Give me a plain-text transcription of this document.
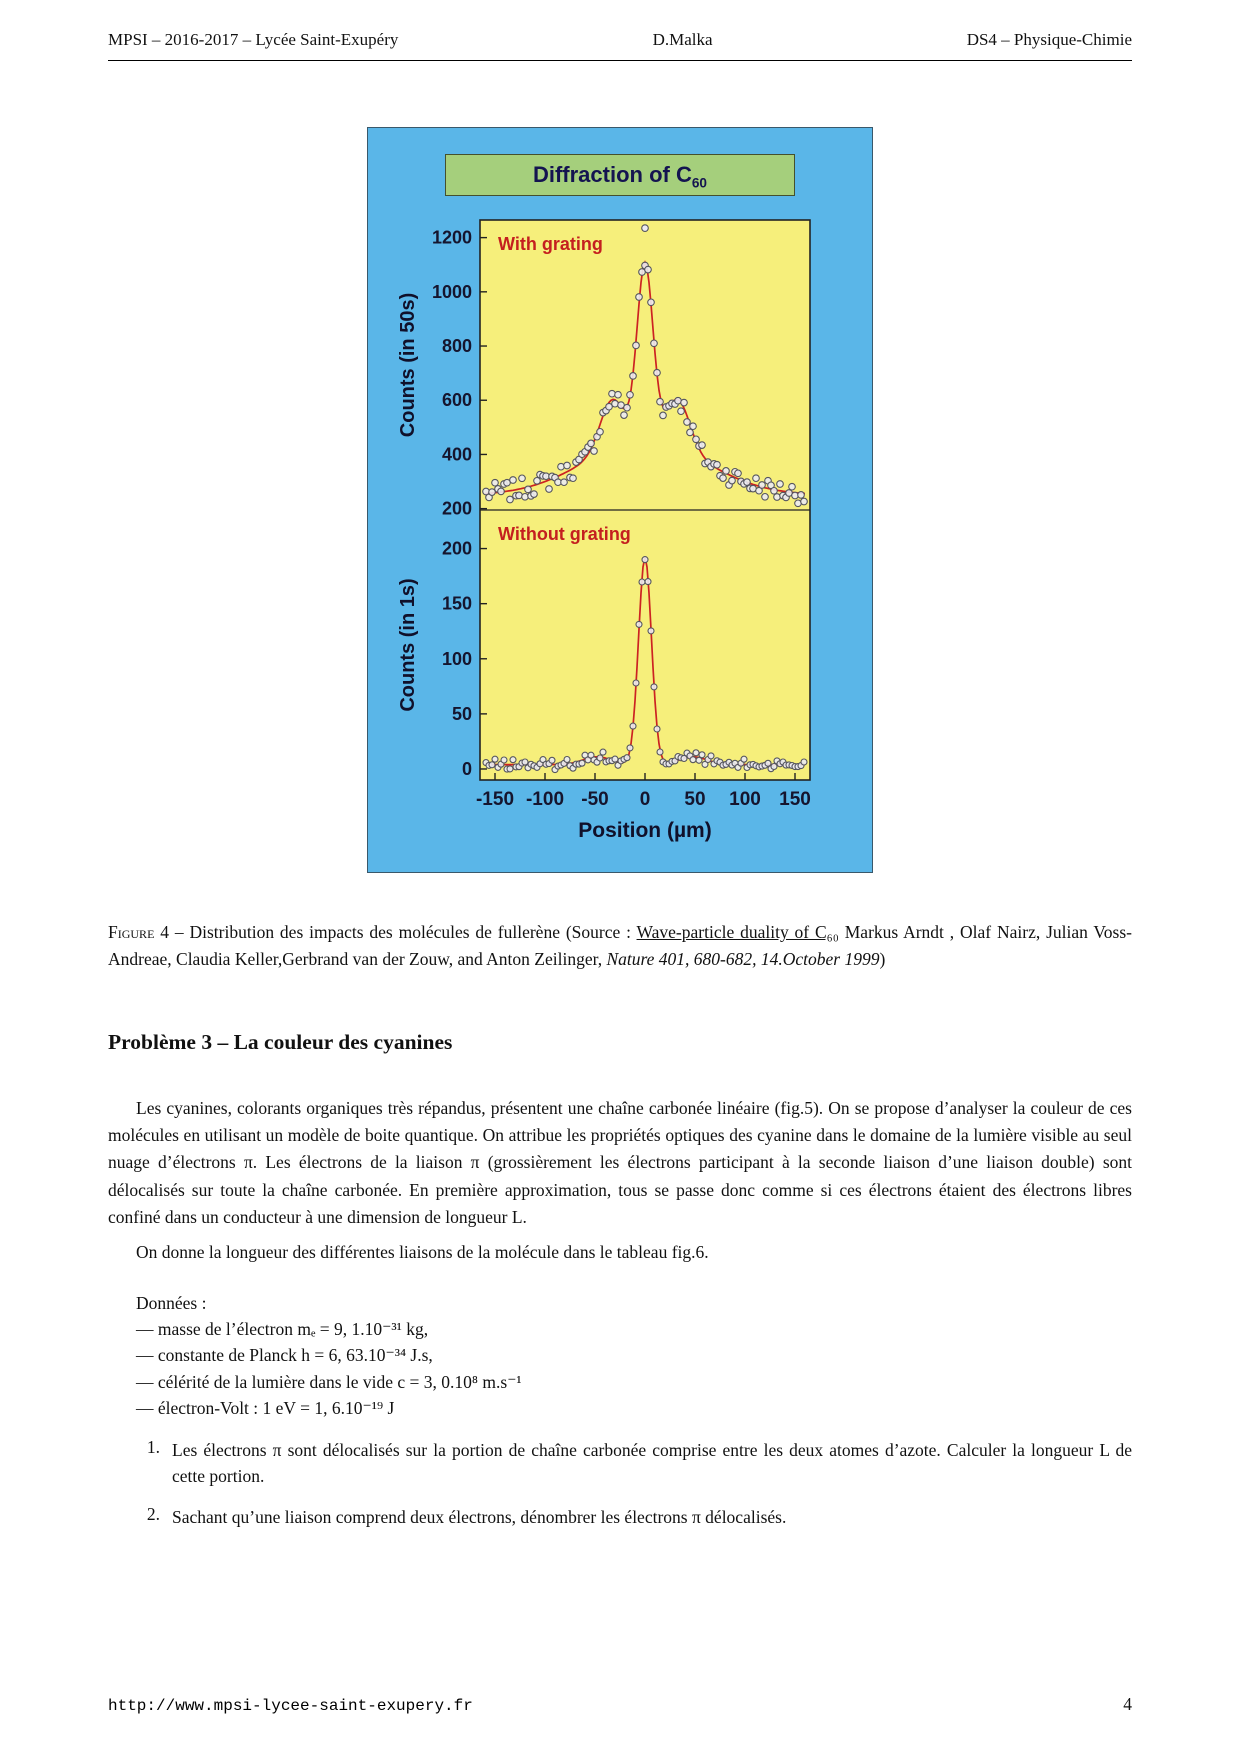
MPSI – 2016-2017 – Lycée Saint-Exupéry	D.Malka	DS4 – Physique-Chimie
Diffraction of $C_{60}$
200
400
600
800
1000
1200 With grating
Counts (in 50s)
0
50
100
150
200
Without grating
Counts (in 1s)
-150 -100 -50 0 50 100 150
Position (µm)
Figure 4 – Distribution des impacts des molécules de fullerène (Source : Wave-particle duality of C₆₀ Markus Arndt , Olaf Nairz, Julian Voss-Andreae, Claudia Keller,Gerbrand van der Zouw, and Anton Zeilinger, Nature 401, 680-682, 14.October 1999)
Problème 3 – La couleur des cyanines

Les cyanines, colorants organiques très répandus, présentent une chaîne carbonée linéaire (fig.5). On se propose d’analyser la couleur de ces molécules en utilisant un modèle de boite quantique. On attribue les propriétés optiques des cyanine dans le domaine de la lumière visible au seul nuage d’électrons π. Les électrons de la liaison π (grossièrement les électrons participant à la seconde liaison d’une liaison double) sont délocalisés sur toute la chaîne carbonée. En première approximation, tous se passe donc comme si ces électrons étaient des électrons libres confiné dans un conducteur à une dimension de longueur L.

On donne la longueur des différentes liaisons de la molécule dans le tableau fig.6.

Données :

— masse de l’électron mₑ = 9, 1.10⁻³¹ kg,

— constante de Planck h = 6, 63.10⁻³⁴ J.s,

— célérité de la lumière dans le vide c = 3, 0.10⁸ m.s⁻¹

— électron-Volt : 1 eV = 1, 6.10⁻¹⁹ J

1. Les électrons π sont délocalisés sur la portion de chaîne carbonée comprise entre les deux atomes d’azote. Calculer la longueur L de cette portion.
2. Sachant qu’une liaison comprend deux électrons, dénombrer les électrons π délocalisés.
http://www.mpsi-lycee-saint-exupery.fr	4
